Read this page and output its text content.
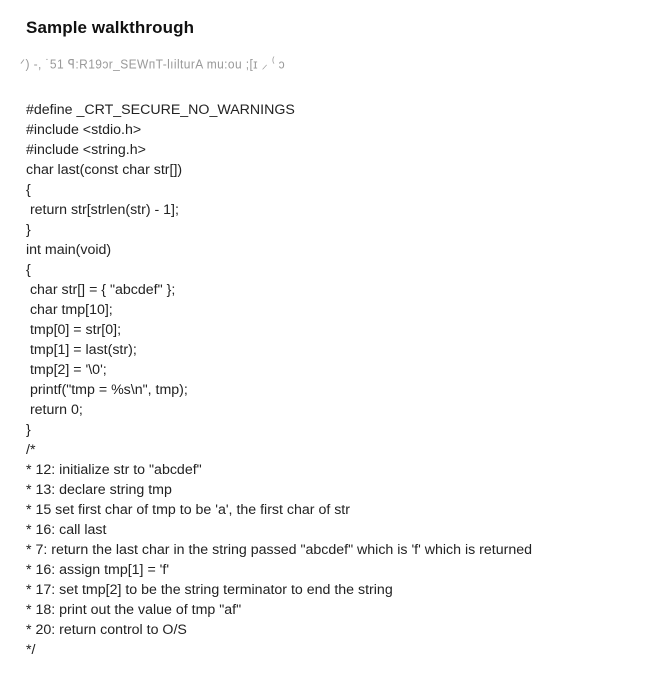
Sample walkthrough
ᐟ) -, ˙51 ꟼ:R19ɔr_SEWᴨT-lıilturA mu:ou ;[ɪ ⸝ ⁽ ɔ
#define _CRT_SECURE_NO_WARNINGS
#include <stdio.h>
#include <string.h>
char last(const char str[])
{
return str[strlen(str) - 1];
}
int main(void)
{
char str[] = { "abcdef" };
char tmp[10];
tmp[0] = str[0];
tmp[1] = last(str);
tmp[2] = '\0';
printf("tmp = %s\n", tmp);
return 0;
}
/*
* 12: initialize str to "abcdef"
* 13: declare string tmp
* 15 set first char of tmp to be 'a', the first char of str
* 16: call last
* 7: return the last char in the string passed "abcdef" which is 'f' which is returned
* 16: assign tmp[1] = 'f'
* 17: set tmp[2] to be the string terminator to end the string
* 18: print out the value of tmp "af"
* 20: return control to O/S
*/
